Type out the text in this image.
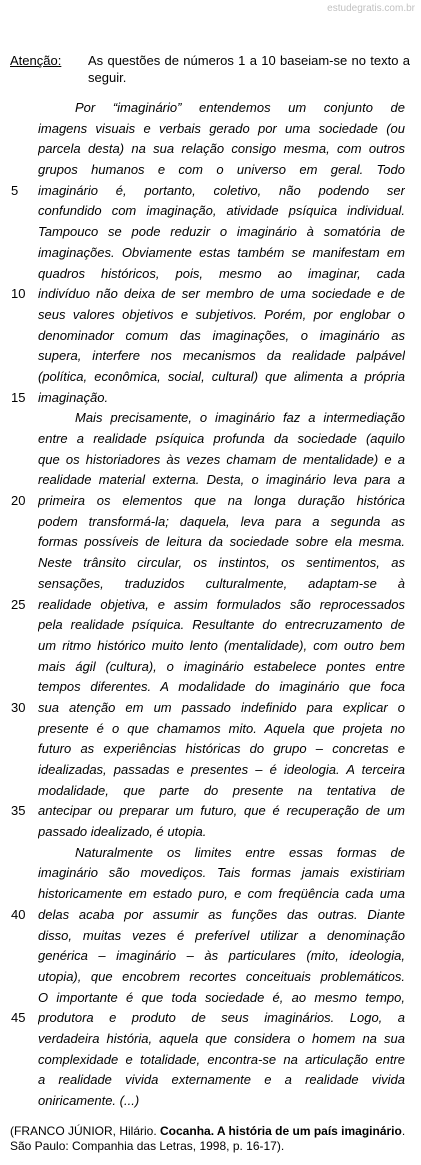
estudegratis.com.br
Atenção:	As questões de números 1 a 10 baseiam-se no texto a seguir.
Por “imaginário” entendemos um conjunto de
imagens visuais e verbais gerado por uma sociedade (ou
parcela desta) na sua relação consigo mesma, com outros
grupos humanos e com o universo em geral. Todo
5	imaginário é, portanto, coletivo, não podendo ser
confundido com imaginação, atividade psíquica individual.
Tampouco se pode reduzir o imaginário à somatória de
imaginações. Obviamente estas também se manifestam em
quadros históricos, pois, mesmo ao imaginar, cada
10 indivíduo não deixa de ser membro de uma sociedade e de
seus valores objetivos e subjetivos. Porém, por englobar o
denominador comum das imaginações, o imaginário as
supera, interfere nos mecanismos da realidade palpável
(política, econômica, social, cultural) que alimenta a própria
15 imaginação.
Mais precisamente, o imaginário faz a intermediação
entre a realidade psíquica profunda da sociedade (aquilo
que os historiadores às vezes chamam de mentalidade) e a
realidade material externa. Desta, o imaginário leva para a
20 primeira os elementos que na longa duração histórica
podem transformá-la; daquela, leva para a segunda as
formas possíveis de leitura da sociedade sobre ela mesma.
Neste trânsito circular, os instintos, os sentimentos, as
sensações, traduzidos culturalmente, adaptam-se à
25 realidade objetiva, e assim formulados são reprocessados
pela realidade psíquica. Resultante do entrecruzamento de
um ritmo histórico muito lento (mentalidade), com outro bem
mais ágil (cultura), o imaginário estabelece pontes entre
tempos diferentes. A modalidade do imaginário que foca
30 sua atenção em um passado indefinido para explicar o
presente é o que chamamos mito. Aquela que projeta no
futuro as experiências históricas do grupo – concretas e
idealizadas, passadas e presentes – é ideologia. A terceira
modalidade, que parte do presente na tentativa de
35 antecipar ou preparar um futuro, que é recuperação de um
passado idealizado, é utopia.
Naturalmente os limites entre essas formas de
imaginário são movediços. Tais formas jamais existiriam
historicamente em estado puro, e com freqüência cada uma
40 delas acaba por assumir as funções das outras. Diante
disso, muitas vezes é preferível utilizar a denominação
genérica – imaginário – às particulares (mito, ideologia,
utopia), que encobrem recortes conceituais problemáticos.
O importante é que toda sociedade é, ao mesmo tempo,
45 produtora e produto de seus imaginários. Logo, a
verdadeira história, aquela que considera o homem na sua
complexidade e totalidade, encontra-se na articulação entre
a realidade vivida externamente e a realidade vivida
oniricamente. (...)
(FRANCO JÚNIOR, Hilário. Cocanha. A história de um país imaginário. São Paulo: Companhia das Letras, 1998, p. 16-17).
